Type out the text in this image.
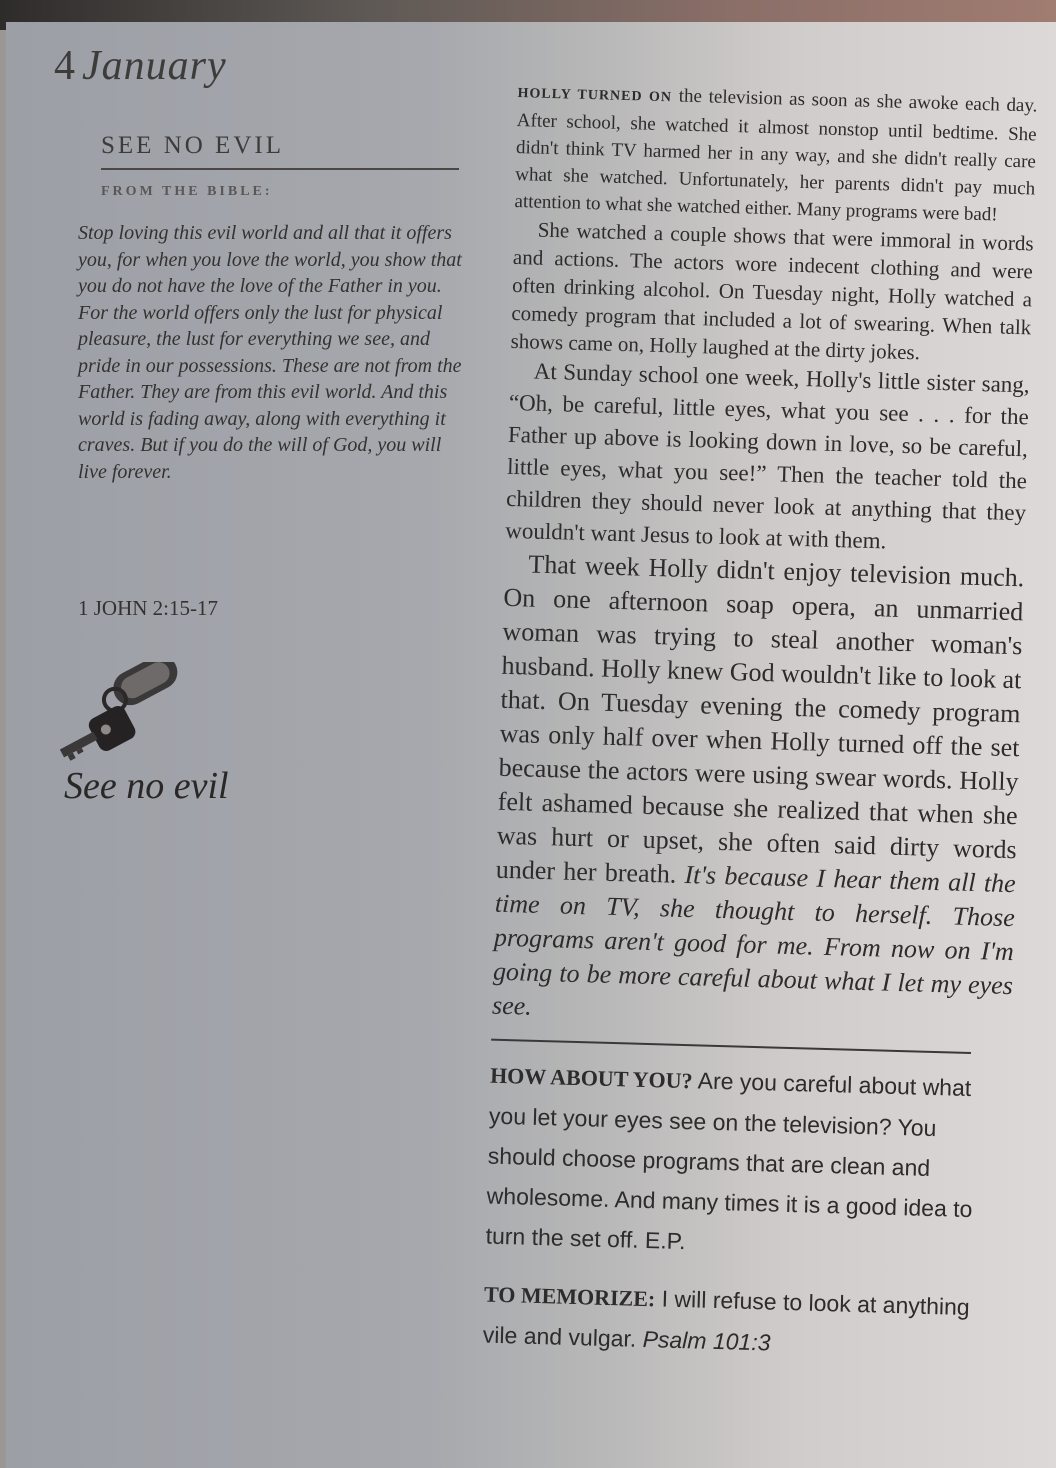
4 January
SEE NO EVIL
FROM THE BIBLE:
Stop loving this evil world and all that it offers you, for when you love the world, you show that you do not have the love of the Father in you. For the world offers only the lust for physical pleasure, the lust for everything we see, and pride in our possessions. These are not from the Father. They are from this evil world. And this world is fading away, along with everything it craves. But if you do the will of God, you will live forever.
1 JOHN 2:15-17
See no evil

HOLLY TURNED ON the television as soon as she awoke each day. After school, she watched it almost nonstop until bedtime. She didn't think TV harmed her in any way, and she didn't really care what she watched. Unfortunately, her parents didn't pay much attention to what she watched either. Many programs were bad!

She watched a couple shows that were immoral in words and actions. The actors wore indecent clothing and were often drinking alcohol. On Tuesday night, Holly watched a comedy program that included a lot of swearing. When talk shows came on, Holly laughed at the dirty jokes.

At Sunday school one week, Holly's little sister sang, “Oh, be careful, little eyes, what you see . . . for the Father up above is looking down in love, so be careful, little eyes, what you see!” Then the teacher told the children they should never look at anything that they wouldn't want Jesus to look at with them.

That week Holly didn't enjoy television much. On one afternoon soap opera, an unmarried woman was trying to steal another woman's husband. Holly knew God wouldn't like to look at that. On Tuesday evening the comedy program was only half over when Holly turned off the set because the actors were using swear words. Holly felt ashamed because she realized that when she was hurt or upset, she often said dirty words under her breath. It's because I hear them all the time on TV, she thought to herself. Those programs aren't good for me. From now on I'm going to be more careful about what I let my eyes see.

HOW ABOUT YOU? Are you careful about what you let your eyes see on the television? You should choose programs that are clean and wholesome. And many times it is a good idea to turn the set off. E.P.

TO MEMORIZE: I will refuse to look at anything vile and vulgar. Psalm 101:3
